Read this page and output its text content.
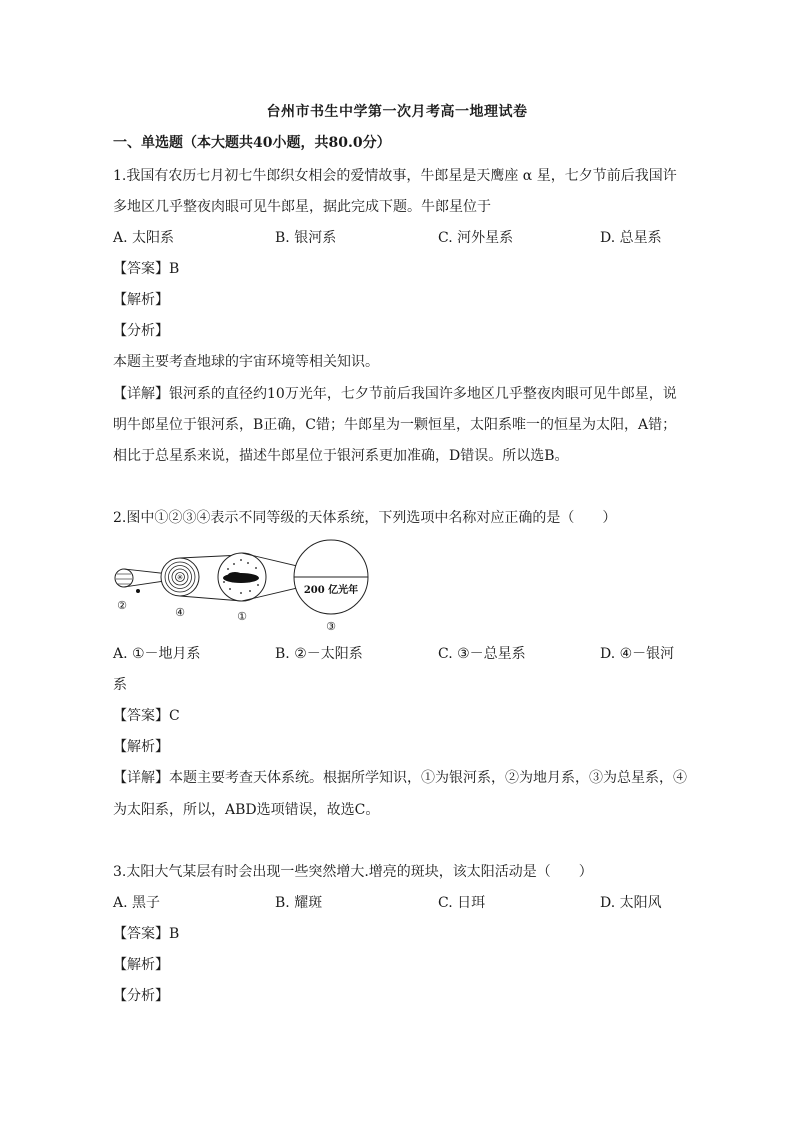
台州市书生中学第一次月考高一地理试卷
一、单选题（本大题共40小题，共80.0分）
1.我国有农历七月初七牛郎织女相会的爱情故事，牛郎星是天鹰座 α 星，七夕节前后我国许
多地区几乎整夜肉眼可见牛郎星，据此完成下题。牛郎星位于
A. 太阳系	B. 银河系	C. 河外星系	D. 总星系
【答案】B
【解析】
【分析】
本题主要考查地球的宇宙环境等相关知识。
【详解】银河系的直径约10万光年，七夕节前后我国许多地区几乎整夜肉眼可见牛郎星，说
明牛郎星位于银河系，B正确，C错；牛郎星为一颗恒星，太阳系唯一的恒星为太阳，A错；
相比于总星系来说，描述牛郎星位于银河系更加准确，D错误。所以选B。
2.图中①②③④表示不同等级的天体系统，下列选项中名称对应正确的是（　　）
✳
200 亿光年
②
④	①
③
A. ①－地月系	B. ②－太阳系	C. ③－总星系	D. ④－银河
系
【答案】C
【解析】
【详解】本题主要考查天体系统。根据所学知识，①为银河系，②为地月系，③为总星系，④
为太阳系，所以，ABD选项错误，故选C。
3.太阳大气某层有时会出现一些突然增大.增亮的斑块，该太阳活动是（　　）
A. 黑子	B. 耀斑	C. 日珥	D. 太阳风
【答案】B
【解析】
【分析】
